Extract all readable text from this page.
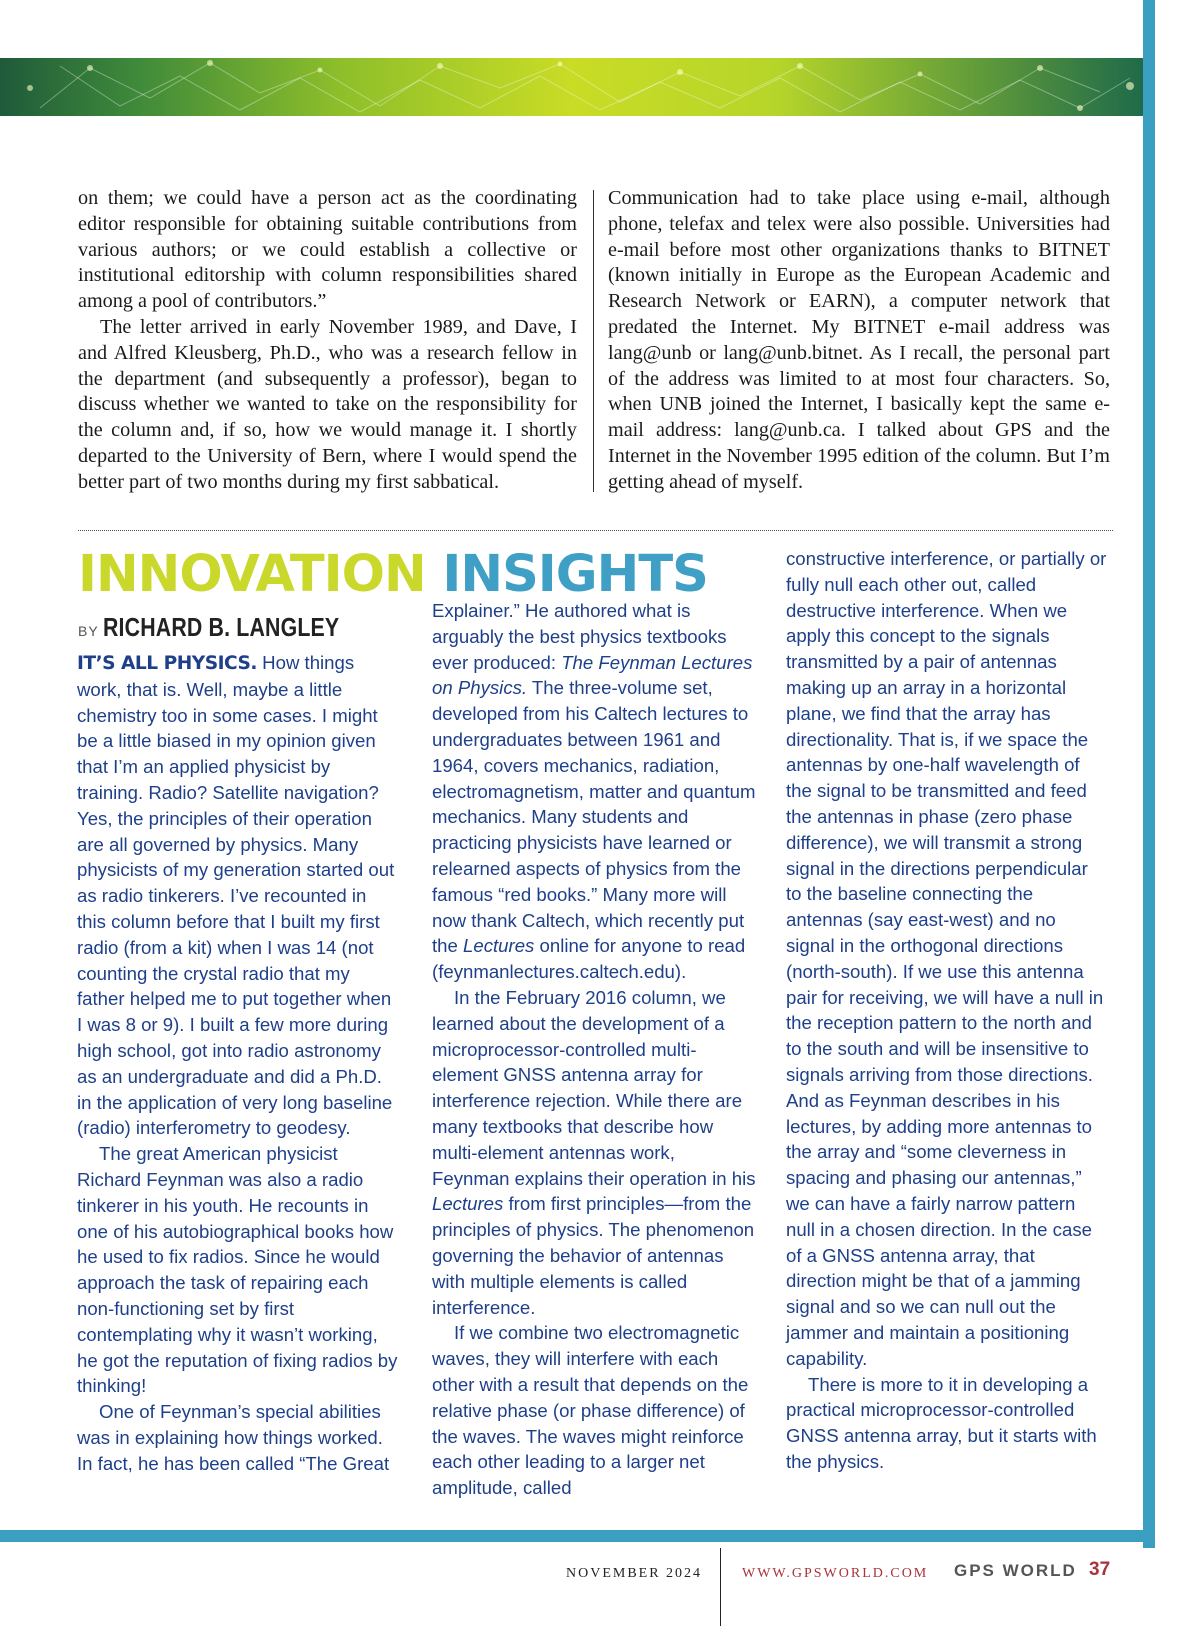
on them; we could have a person act as the coordinating editor responsible for obtaining suitable contributions from various authors; or we could establish a collective or institutional editorship with column responsibilities shared among a pool of contributors.”

The letter arrived in early November 1989, and Dave, I and Alfred Kleusberg, Ph.D., who was a research fellow in the department (and subsequently a professor), began to discuss whether we wanted to take on the responsibility for the column and, if so, how we would manage it. I shortly departed to the University of Bern, where I would spend the better part of two months during my first sabbatical.

Communication had to take place using e-mail, although phone, telefax and telex were also possible. Universities had e-mail before most other organizations thanks to BITNET (known initially in Europe as the European Academic and Research Network or EARN), a computer network that predated the Internet. My BITNET e-mail address was lang@unb or lang@unb.bitnet. As I recall, the personal part of the address was limited to at most four characters. So, when UNB joined the Internet, I basically kept the same e-mail address: lang@unb.ca. I talked about GPS and the Internet in the November 1995 edition of the column. But I’m getting ahead of myself.

INNOVATION INSIGHTS
BY RICHARD B. LANGLEY

IT’S ALL PHYSICS. How things work, that is. Well, maybe a little chemistry too in some cases. I might be a little biased in my opinion given that I’m an applied physicist by training. Radio? Satellite navigation? Yes, the principles of their operation are all governed by physics. Many physicists of my generation started out as radio tinkerers. I’ve recounted in this column before that I built my first radio (from a kit) when I was 14 (not counting the crystal radio that my father helped me to put together when I was 8 or 9). I built a few more during high school, got into radio astronomy as an undergraduate and did a Ph.D. in the application of very long baseline (radio) interferometry to geodesy.

The great American physicist Richard Feynman was also a radio tinkerer in his youth. He recounts in one of his autobiographical books how he used to fix radios. Since he would approach the task of repairing each non-functioning set by first contemplating why it wasn’t working, he got the reputation of fixing radios by thinking!

One of Feynman’s special abilities was in explaining how things worked. In fact, he has been called “The Great

Explainer.” He authored what is arguably the best physics textbooks ever produced: The Feynman Lectures on Physics. The three-volume set, developed from his Caltech lectures to undergraduates between 1961 and 1964, covers mechanics, radiation, electromagnetism, matter and quantum mechanics. Many students and practicing physicists have learned or relearned aspects of physics from the famous “red books.” Many more will now thank Caltech, which recently put the Lectures online for anyone to read (feynmanlectures.caltech.edu).

In the February 2016 column, we learned about the development of a microprocessor-controlled multi-element GNSS antenna array for interference rejection. While there are many textbooks that describe how multi-element antennas work, Feynman explains their operation in his Lectures from first principles—from the principles of physics. The phenomenon governing the behavior of antennas with multiple elements is called interference.

If we combine two electromagnetic waves, they will interfere with each other with a result that depends on the relative phase (or phase difference) of the waves. The waves might reinforce each other leading to a larger net amplitude, called

constructive interference, or partially or fully null each other out, called destructive interference. When we apply this concept to the signals transmitted by a pair of antennas making up an array in a horizontal plane, we find that the array has directionality. That is, if we space the antennas by one-half wavelength of the signal to be transmitted and feed the antennas in phase (zero phase difference), we will transmit a strong signal in the directions perpendicular to the baseline connecting the antennas (say east-west) and no signal in the orthogonal directions (north-south). If we use this antenna pair for receiving, we will have a null in the reception pattern to the north and to the south and will be insensitive to signals arriving from those directions. And as Feynman describes in his lectures, by adding more antennas to the array and “some cleverness in spacing and phasing our antennas,” we can have a fairly narrow pattern null in a chosen direction. In the case of a GNSS antenna array, that direction might be that of a jamming signal and so we can null out the jammer and maintain a positioning capability.

There is more to it in developing a practical microprocessor-controlled GNSS antenna array, but it starts with the physics.

NOVEMBER 2024	WWW.GPSWORLD.COM GPS WORLD 37
